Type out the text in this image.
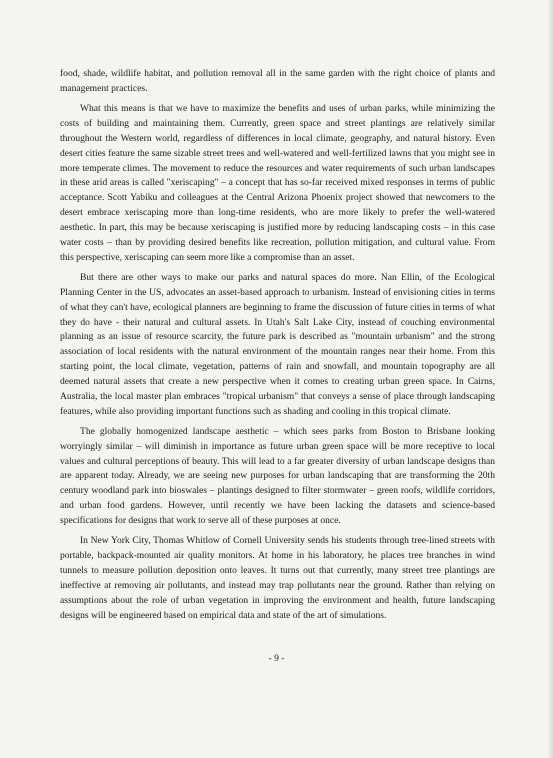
food, shade, wildlife habitat, and pollution removal all in the same garden with the right choice of plants and management practices.

What this means is that we have to maximize the benefits and uses of urban parks, while minimizing the costs of building and maintaining them. Currently, green space and street plantings are relatively similar throughout the Western world, regardless of differences in local climate, geography, and natural history. Even desert cities feature the same sizable street trees and well-watered and well-fertilized lawns that you might see in more temperate climes. The movement to reduce the resources and water requirements of such urban landscapes in these arid areas is called "xeriscaping" – a concept that has so-far received mixed responses in terms of public acceptance. Scott Yabiku and colleagues at the Central Arizona Phoenix project showed that newcomers to the desert embrace xeriscaping more than long-time residents, who are more likely to prefer the well-watered aesthetic. In part, this may be because xeriscaping is justified more by reducing landscaping costs – in this case water costs – than by providing desired benefits like recreation, pollution mitigation, and cultural value. From this perspective, xeriscaping can seem more like a compromise than an asset.

But there are other ways to make our parks and natural spaces do more. Nan Ellin, of the Ecological Planning Center in the US, advocates an asset-based approach to urbanism. Instead of envisioning cities in terms of what they can't have, ecological planners are beginning to frame the discussion of future cities in terms of what they do have - their natural and cultural assets. In Utah's Salt Lake City, instead of couching environmental planning as an issue of resource scarcity, the future park is described as "mountain urbanism" and the strong association of local residents with the natural environment of the mountain ranges near their home. From this starting point, the local climate, vegetation, patterns of rain and snowfall, and mountain topography are all deemed natural assets that create a new perspective when it comes to creating urban green space. In Cairns, Australia, the local master plan embraces "tropical urbanism" that conveys a sense of place through landscaping features, while also providing important functions such as shading and cooling in this tropical climate.

The globally homogenized landscape aesthetic – which sees parks from Boston to Brisbane looking worryingly similar – will diminish in importance as future urban green space will be more receptive to local values and cultural perceptions of beauty. This will lead to a far greater diversity of urban landscape designs than are apparent today. Already, we are seeing new purposes for urban landscaping that are transforming the 20th century woodland park into bioswales – plantings designed to filter stormwater – green roofs, wildlife corridors, and urban food gardens. However, until recently we have been lacking the datasets and science-based specifications for designs that work to serve all of these purposes at once.

In New York City, Thomas Whitlow of Cornell University sends his students through tree-lined streets with portable, backpack-mounted air quality monitors. At home in his laboratory, he places tree branches in wind tunnels to measure pollution deposition onto leaves. It turns out that currently, many street tree plantings are ineffective at removing air pollutants, and instead may trap pollutants near the ground. Rather than relying on assumptions about the role of urban vegetation in improving the environment and health, future landscaping designs will be engineered based on empirical data and state of the art of simulations.

- 9 -
